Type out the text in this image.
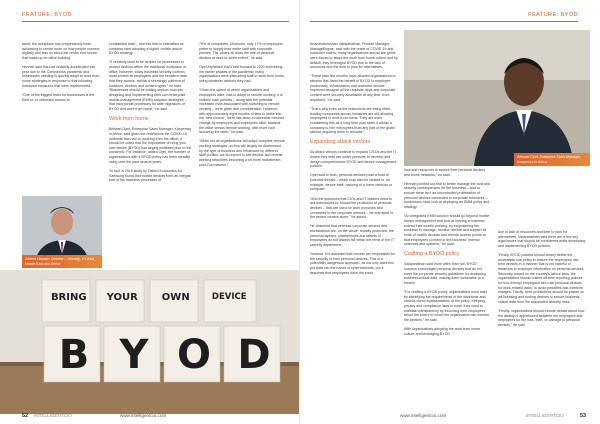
FEATURE: BYOD

trend, the workplace has progressively been advancing to centre more on how people connect digitally and less so about the bricks and mortar that make up an office building.

Hennah said this has certainly accelerated this year due to the Coronavirus pandemic and businesses needing to quickly adapt to work from home strategies in response to that following lockdown measures that were implemented.

“One of the biggest fears for businesses is the theft of, or untrusted access to,

Zaheer Hennah, Director – Security, EY Asia, Middle East and Africa

confidential data – and this fear is intensified as business start adopting a digital, mobile and/or BYOD strategy.

“It certainly used to be simpler for businesses to protect devices within the traditional workplace or office, however, today business security controls must protect all employees and the sensitive data that they access, across a seemingly plethora of locations, devices and content types,” he said. “Businesses should be putting serious trust into designing and implementing their own enterprise mobile management (EMM) adoption strategies – that incorporate processes for safe migrations of BYOD and work from home,” he said.

Work from home

Bellwari Opel, Enterprise Sales Manager, Kaspersky in Africa, said given the restrictions the COVID-19 outbreak has had on working from the office, it should be noted that the importance of bring your own device (BYOD) has largely instituted prior to the pandemic. For instance, added Opel, the number of organisations with a BYOD policy has been steadily rising over the past several years.

“In fact, a 2018 study by Oxford Economics for Samsung found that mobile devices form an integral part of the business processes of

75% of companies. Moreover, only 17% of employers prefer to supply their entire staff with corporate phones. The others all allow the use of personal devices at work to some extent,” he said.

Opel explained that if fast forward to 2020 and during the earlier phases of the pandemic, many organisations were instructing staff to work from home, using whatever devices they had.

“Given the speed at which organisations and employees alike, had to adopt to remote working, it is unlikely such policies – along with the potential increased risks associated with switching to remote working – were given due consideration. However, with approximately eight months of time to settle into the ‘new normal’, there has been a noticeable mindset change by employers and employees alike, towards the office versus remote working, with more now favouring the latter,” he said.

“While not all organisations will adopt complete remote working strategies, so this will largely be determined by the type of business and influenced by different staff profiles, we do expect to see flexible and remote working structures becoming a lot more mainstream post-Coronavirus.”

BRING	YOUR	OWN	DEVICE
B Y O D
www.intelligentcio.com
INTELLIGENTCIO
52
FEATURE: BYOD

Anandhakrishnan Vaidyanathan, Product Manager, ManageEngine, said with the onset of COVID-19 and lockdown orders, many organisations across the globe were forced to adopt the work from home culture and by default, they leveraged BYOD due to the lack of resources and the time to plan for alternatives.

“These past few months have allowed organisations to witness first-hand the benefit of BYOD to employee productivity, collaboration and customer service improved because all the requisite apps and corporate content were securely accessible at any time, from anywhere,” he said.

“That’s why even as the restrictions are being lifted, leading companies across industries are still allowing employees to work from home. They are even considering this as a long-term plan since it allows a company to hire employees from any part of the globe, without requiring them to relocate.”

Expanding attack vectors

As attack vectors continue to expand CISOs and the IT teams they lead are under pressure to develop and design comprehensive BYOD and device management policies.

Opel said in truth, personal devices pose a host of potential threats – which may also be related to, for example, device theft, hacking of a home network or computer.

“And the questions that CIOs and IT leaders need to ask themselves is: should the protection of personal devices – that are used for work purposes and connected to the corporate network – be entrusted to the device owners alone,” he asked.

He observed that whereas corporate servers and workstations are, on the whole, reliably protected, the personal laptops, smartphones and tablets of employees do not always fall within the remit of the IT security department.

“Instead, it is assumed that owners are responsible for the security of their personal devices. This is a potentially dangerous approach, as not only does this put data into the hands of cybercriminals, but it assumes that employees have the know

how and resources to secure their personal devices and home networks,” he said.

Hennah pointed out that to better manage the cost and security consequences for the business – and to ensure there isn’t an uncontrolled proliferation of personal devices connected to corporate resources – businesses must look at deploying an EMM policy and strategy.

“An integrated EMM solution should go beyond mobile device management and look at helping a business extend their mobile working, by empowering the business to manage, monitor, secure and support all sorts of mobile devices and remote access points so that employees connect to the business’ internal networks and systems,” he said.

Crafting a BYOD policy

Vaidyanathan said more often than not, BYOD success encouraged personal devices that do not meet the corporate security guidelines for accessing business-critical data, making them vulnerable to a breach.

“For drafting a BYOD policy, organisations must start by identifying the requirements of the workforce and various client representatives of the policy. Keeping privacy and compliance laws in mind, they need to maintain transparency by informing their employees about the extent to which the organisation can monitor the devices,” he said.

With organisations adopting the work from home culture and leveraging BYOD

Bellwari Opel, Enterprise Sales Manager, Kaspersky in Africa

due to lack of resources and time to plan for alternatives, Vaidyanathan said there are a few key legal issues that should be considered while developing and implementing BYOD policies.

“Firstly, BYOD policies should clearly define the acceptable use policy to ensure the employees use their devices in a manner that is not harmful or malicious to employer information on personal devices. Secondly, based on the country’s labour laws, the organisations should outline off-time reporting policies for non-exempt employees who use personal devices for work-related tasks, to avoid penalties and overtime charges. Thirdly, strict prohibitions should be placed on jail-breaking and rooting devices to secure business-critical data from the associated security risks.

“Finally, organisations should include details about how the liability is apportioned between the employers and employees for the loss, theft, or damage to personal devices,” he said.

www.intelligentcio.com	INTELLIGENTCIO	53
